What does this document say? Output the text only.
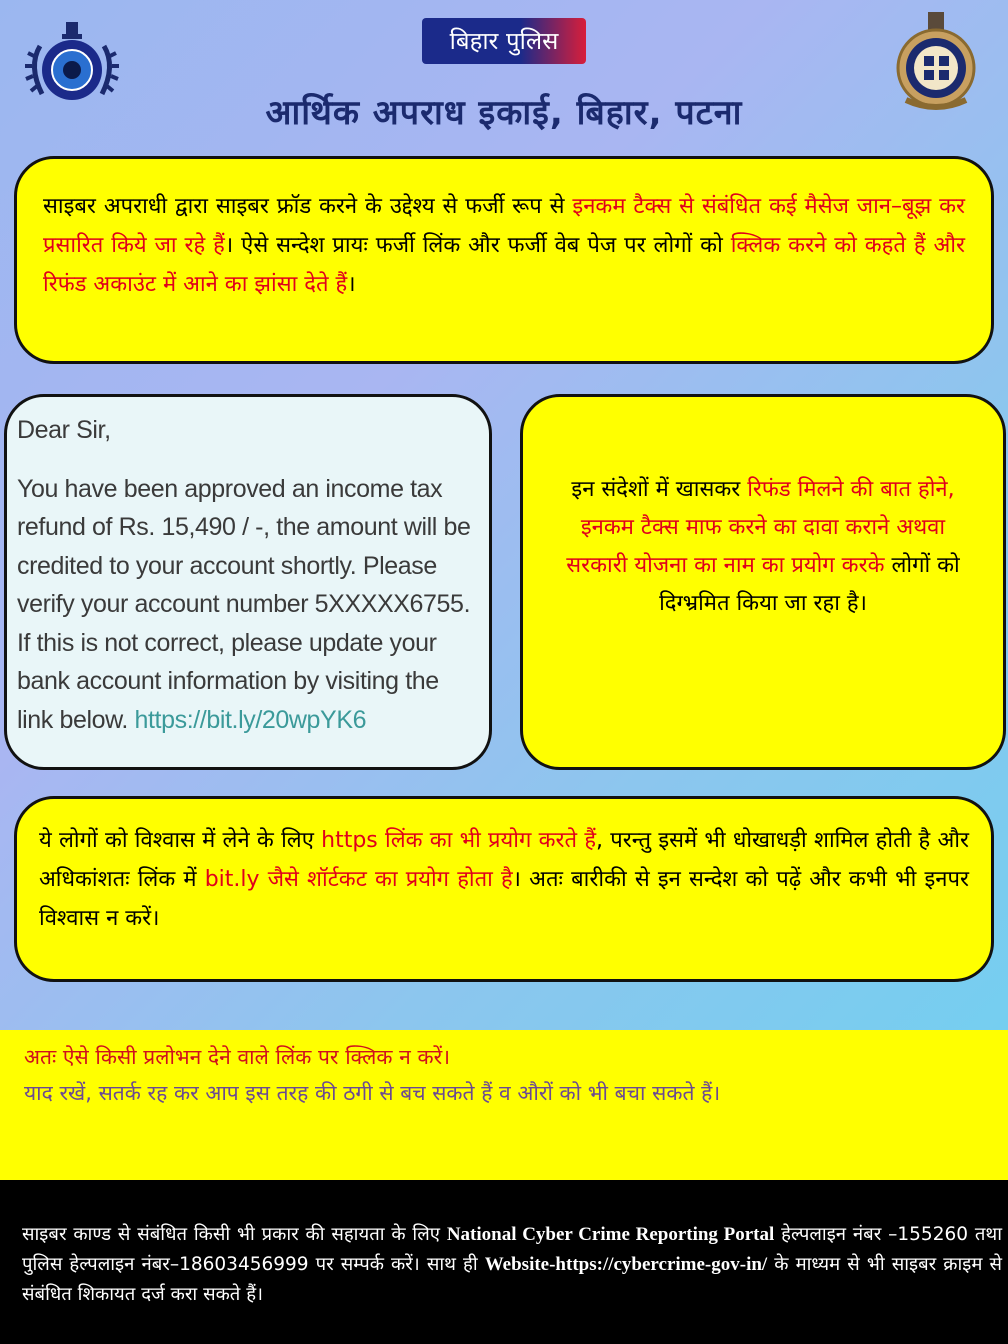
बिहार पुलिस
आर्थिक अपराध इकाई, बिहार, पटना

साइबर अपराधी द्वारा साइबर फ्रॉड करने के उद्देश्य से फर्जी रूप से इनकम टैक्स से संबंधित कई मैसेज जान–बूझ कर प्रसारित किये जा रहे हैं। ऐसे सन्देश प्रायः फर्जी लिंक और फर्जी वेब पेज पर लोगों को क्लिक करने को कहते हैं और रिफंड अकाउंट में आने का झांसा देते हैं।

Dear Sir,
You have been approved an income tax refund of Rs. 15,490 / -, the amount will be credited to your account shortly. Please verify your account number 5XXXXX6755. If this is not correct, please update your bank account information by visiting the link below. https://bit.ly/20wpYK6

इन संदेशों में खासकर रिफंड मिलने की बात होने, इनकम टैक्स माफ करने का दावा कराने अथवा सरकारी योजना का नाम का प्रयोग करके लोगों को दिग्भ्रमित किया जा रहा है।

ये लोगों को विश्वास में लेने के लिए https लिंक का भी प्रयोग करते हैं, परन्तु इसमें भी धोखाधड़ी शामिल होती है और अधिकांशतः लिंक में bit.ly जैसे शॉर्टकट का प्रयोग होता है। अतः बारीकी से इन सन्देश को पढ़ें और कभी भी इनपर विश्वास न करें।

अतः ऐसे किसी प्रलोभन देने वाले लिंक पर क्लिक न करें।
याद रखें, सतर्क रह कर आप इस तरह की ठगी से बच सकते हैं व औरों को भी बचा सकते हैं।
साइबर काण्ड से संबंधित किसी भी प्रकार की सहायता के लिए National Cyber Crime Reporting Portal हेल्पलाइन नंबर –155260 तथा पुलिस हेल्पलाइन नंबर–18603456999 पर सम्पर्क करें। साथ ही Website-https://cybercrime-gov-in/ के माध्यम से भी साइबर क्राइम से संबंधित शिकायत दर्ज करा सकते हैं।
